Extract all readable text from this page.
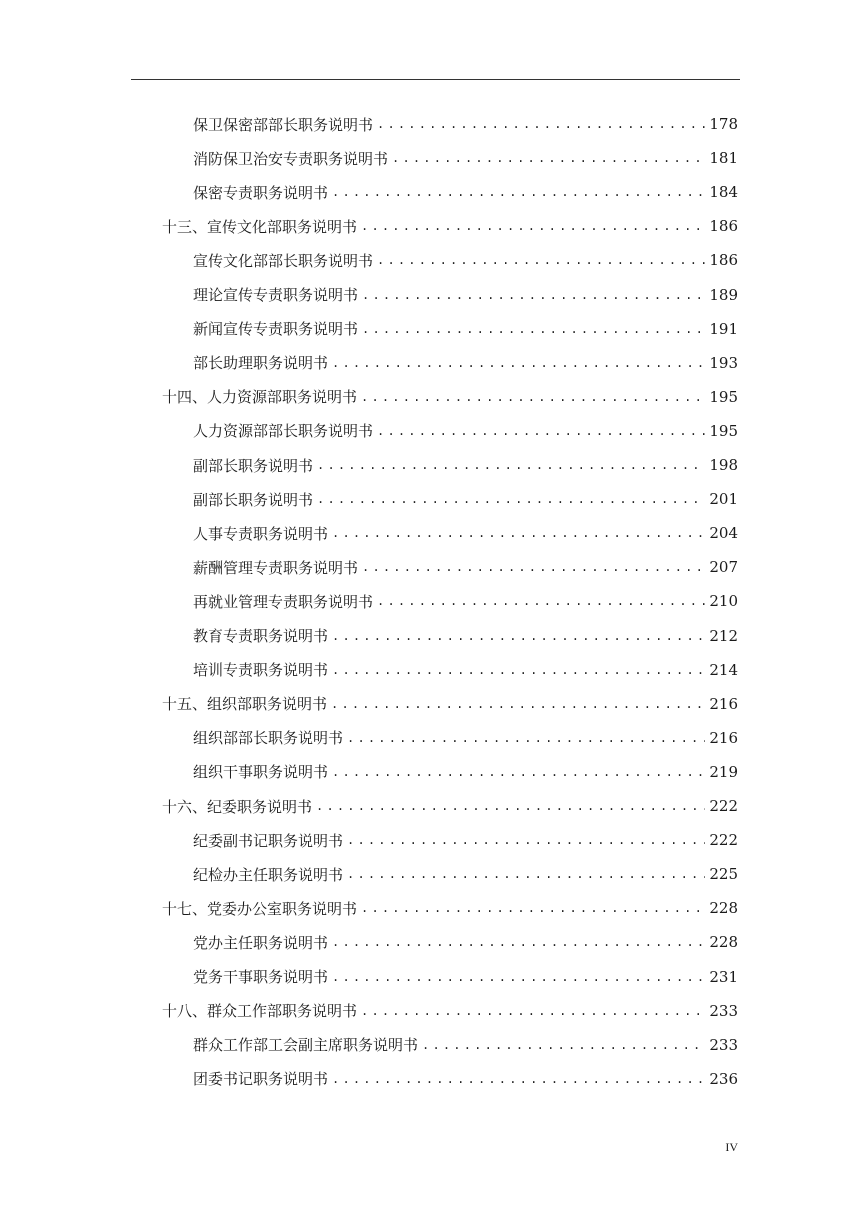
保卫保密部部长职务说明书 .....	178
消防保卫治安专责职务说明书 .....	181
保密专责职务说明书 .....	184
十三、宣传文化部职务说明书 .....	186
宣传文化部部长职务说明书 .....	186
理论宣传专责职务说明书 .....	189
新闻宣传专责职务说明书 .....	191
部长助理职务说明书 .....	193
十四、人力资源部职务说明书 .....	195
人力资源部部长职务说明书 .....	195
副部长职务说明书 .....	198
副部长职务说明书 .....	201
人事专责职务说明书 .....	204
薪酬管理专责职务说明书 .....	207
再就业管理专责职务说明书 .....	210
教育专责职务说明书 .....	212
培训专责职务说明书 .....	214
十五、组织部职务说明书 .....	216
组织部部长职务说明书 .....	216
组织干事职务说明书 .....	219
十六、纪委职务说明书 .....	222
纪委副书记职务说明书 .....	222
纪检办主任职务说明书 .....	225
十七、党委办公室职务说明书 .....	228
党办主任职务说明书 .....	228
党务干事职务说明书 .....	231
十八、群众工作部职务说明书 .....	233
群众工作部工会副主席职务说明书 .....	233
团委书记职务说明书 .....	236
IV
